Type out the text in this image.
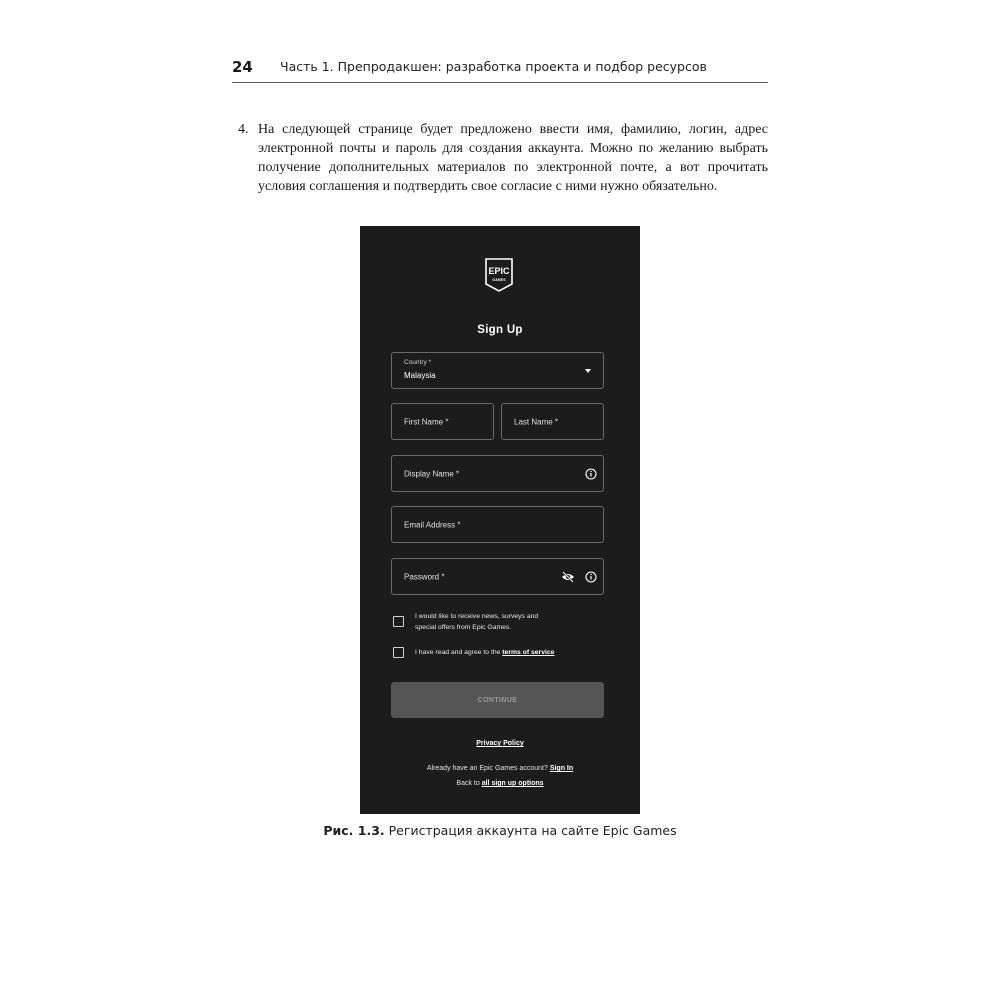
24	Часть 1. Препродакшен: разработка проекта и подбор ресурсов
4. На следующей странице будет предложено ввести имя, фамилию, логин, адрес электронной почты и пароль для создания аккаунта. Можно по желанию выбрать получение дополнительных материалов по электронной почте, а вот прочитать условия соглашения и подтвердить свое согласие с ними нужно обязательно.
EPIC
GAMES
Sign Up
Country *
Malaysia
First Name *	Last Name *
Display Name *
Email Address *
Password *
I would like to receive news, surveys and
special offers from Epic Games.
I have read and agree to the terms of service
CONTINUE
Privacy Policy
Already have an Epic Games account? Sign In
Back to all sign up options
Рис. 1.3. Регистрация аккаунта на сайте Epic Games
